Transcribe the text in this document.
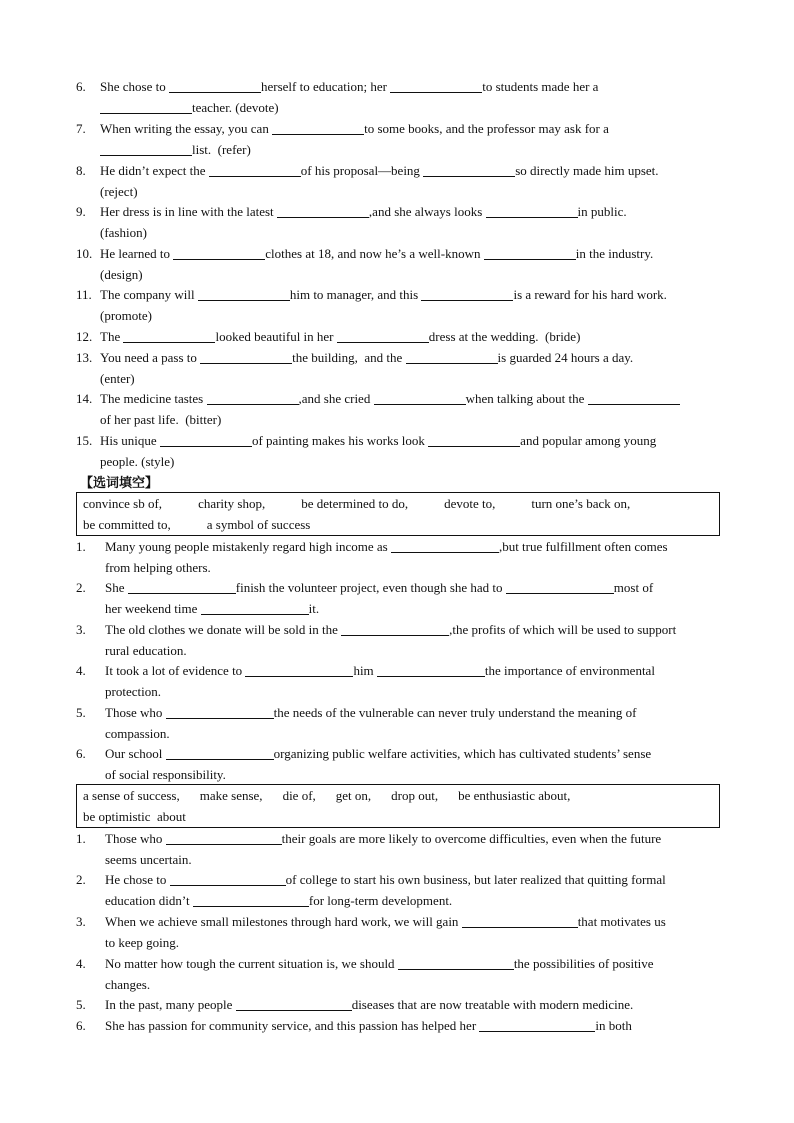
6. She chose to	herself to education; her	to students made her a
teacher. (devote)
7. When writing the essay, you can	to some books, and the professor may ask for a
list.  (refer)
8. He didn’t expect the	of his proposal—being	so directly made him upset.
(reject)
9. Her dress is in line with the latest	,and she always looks	in public.
(fashion)
10. He learned to	clothes at 18, and now he’s a well-known	in the industry.
(design)
11. The company will	him to manager, and this	is a reward for his hard work.
(promote)
12. The	looked beautiful in her	dress at the wedding.  (bride)
13. You need a pass to	the building,  and the	is guarded 24 hours a day.
(enter)
14. The medicine tastes	,and she cried	when talking about the
of her past life.  (bitter)
15. His unique	of painting makes his works look	and popular among young
people. (style)
【选词填空】
convince sb of,	charity shop,	be determined to do,	devote to,	turn one’s back on,
be committed to,	a symbol of success
1. Many young people mistakenly regard high income as	,but true fulfillment often comes
from helping others.
2. She	finish the volunteer project, even though she had to	most of
her weekend time	it.
3. The old clothes we donate will be sold in the	,the profits of which will be used to support
rural education.
4. It took a lot of evidence to	him	the importance of environmental
protection.
5. Those who	the needs of the vulnerable can never truly understand the meaning of
compassion.
6. Our school	organizing public welfare activities, which has cultivated students’ sense
of social responsibility.
a sense of success, make sense, die of, get on, drop out, be enthusiastic about,
be optimistic  about
1. Those who	their goals are more likely to overcome difficulties, even when the future
seems uncertain.
2. He chose to	of college to start his own business, but later realized that quitting formal
education didn’t	for long-term development.
3. When we achieve small milestones through hard work, we will gain	that motivates us
to keep going.
4. No matter how tough the current situation is, we should	the possibilities of positive
changes.
5. In the past, many people	diseases that are now treatable with modern medicine.
6. She has passion for community service, and this passion has helped her	in both
